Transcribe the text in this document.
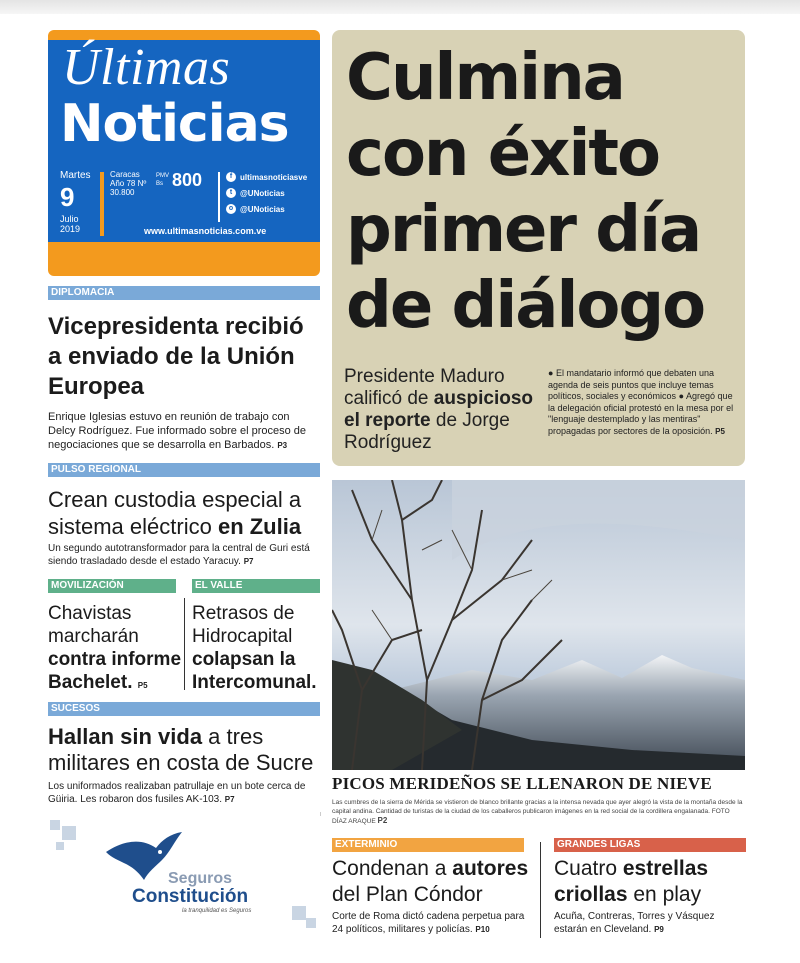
Últimas
Noticias
Martes
9
Julio 2019
Caracas Año 78 Nº 30.800
PMV Bs 800	f ultimasnoticiasve
t @UNoticias
o @UNoticias
www.ultimasnoticias.com.ve
DIPLOMACIA
Vicepresidenta recibió a enviado de la Unión Europea
Enrique Iglesias estuvo en reunión de trabajo con Delcy Rodríguez. Fue informado sobre el proceso de negociaciones que se desarrolla en Barbados. P3
PULSO REGIONAL
Crean custodia especial a sistema eléctrico en Zulia
Un segundo autotransformador para la central de Guri está siendo trasladado desde el estado Yaracuy. P7
MOVILIZACIÓN	EL VALLE
Chavistas marcharán contra informe Bachelet. P5
Retrasos de Hidrocapital colapsan la Intercomunal.
SUCESOS
Hallan sin vida a tres militares en costa de Sucre
Los uniformados realizaban patrullaje en un bote cerca de Güiria. Les robaron dos fusiles AK-103. P7
Seguros
Constitución
la tranquilidad es Seguros
Culmina
con éxito
primer día
de diálogo
Presidente Maduro calificó de auspicioso el reporte de Jorge Rodríguez
● El mandatario informó que debaten una agenda de seis puntos que incluye temas políticos, sociales y económicos ● Agregó que la delegación oficial protestó en la mesa por el "lenguaje destemplado y las mentiras" propagadas por sectores de la oposición. P5
PICOS MERIDEÑOS SE LLENARON DE NIEVE
Las cumbres de la sierra de Mérida se vistieron de blanco brillante gracias a la intensa nevada que ayer alegró la vista de la montaña desde la capital andina. Cantidad de turistas de la ciudad de los caballeros publicaron imágenes en la red social de la cordillera engalanada. FOTO DÍAZ ARAQUE P2
EXTERMINIO
Condenan a autores del Plan Cóndor
Corte de Roma dictó cadena perpetua para 24 políticos, militares y policías. P10
GRANDES LIGAS
Cuatro estrellas criollas en play
Acuña, Contreras, Torres y Vásquez estarán en Cleveland. P9
